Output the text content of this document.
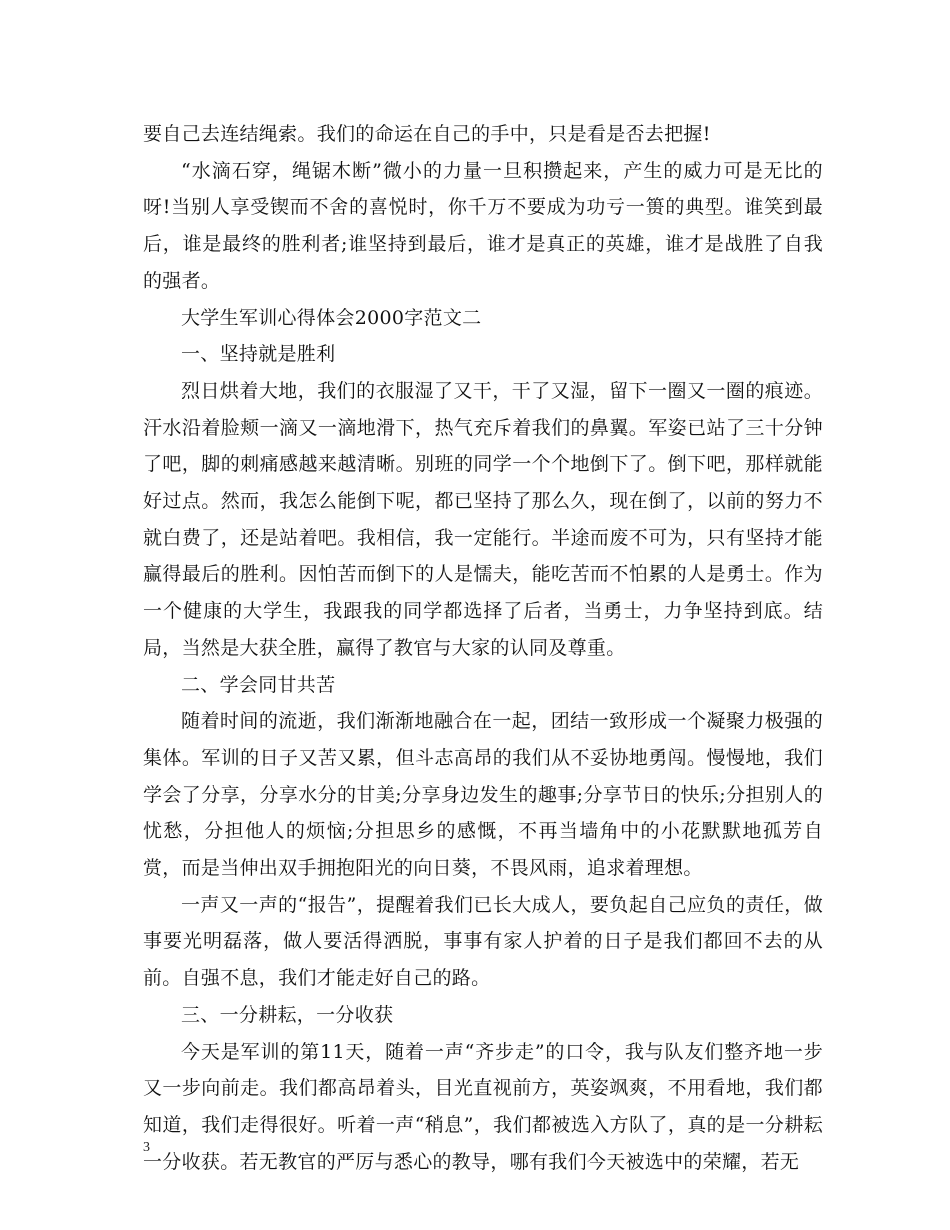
要自己去连结绳索。我们的命运在自己的手中，只是看是否去把握!

“水滴石穿，绳锯木断”微小的力量一旦积攒起来，产生的威力可是无比的呀!当别人享受锲而不舍的喜悦时，你千万不要成为功亏一篑的典型。谁笑到最后，谁是最终的胜利者;谁坚持到最后，谁才是真正的英雄，谁才是战胜了自我的强者。

大学生军训心得体会2000字范文二

一、坚持就是胜利

烈日烘着大地，我们的衣服湿了又干，干了又湿，留下一圈又一圈的痕迹。汗水沿着脸颊一滴又一滴地滑下，热气充斥着我们的鼻翼。军姿已站了三十分钟了吧，脚的刺痛感越来越清晰。别班的同学一个个地倒下了。倒下吧，那样就能好过点。然而，我怎么能倒下呢，都已坚持了那么久，现在倒了，以前的努力不就白费了，还是站着吧。我相信，我一定能行。半途而废不可为，只有坚持才能赢得最后的胜利。因怕苦而倒下的人是懦夫，能吃苦而不怕累的人是勇士。作为一个健康的大学生，我跟我的同学都选择了后者，当勇士，力争坚持到底。结局，当然是大获全胜，赢得了教官与大家的认同及尊重。

二、学会同甘共苦

随着时间的流逝，我们渐渐地融合在一起，团结一致形成一个凝聚力极强的集体。军训的日子又苦又累，但斗志高昂的我们从不妥协地勇闯。慢慢地，我们学会了分享，分享水分的甘美;分享身边发生的趣事;分享节日的快乐;分担别人的忧愁，分担他人的烦恼;分担思乡的感慨，不再当墙角中的小花默默地孤芳自赏，而是当伸出双手拥抱阳光的向日葵，不畏风雨，追求着理想。

一声又一声的“报告”，提醒着我们已长大成人，要负起自己应负的责任，做事要光明磊落，做人要活得洒脱，事事有家人护着的日子是我们都回不去的从前。自强不息，我们才能走好自己的路。

三、一分耕耘，一分收获

今天是军训的第11天，随着一声“齐步走”的口令，我与队友们整齐地一步又一步向前走。我们都高昂着头，目光直视前方，英姿飒爽，不用看地，我们都知道，我们走得很好。听着一声“稍息”，我们都被选入方队了，真的是一分耕耘一分收获。若无教官的严厉与悉心的教导，哪有我们今天被选中的荣耀，若无

3
